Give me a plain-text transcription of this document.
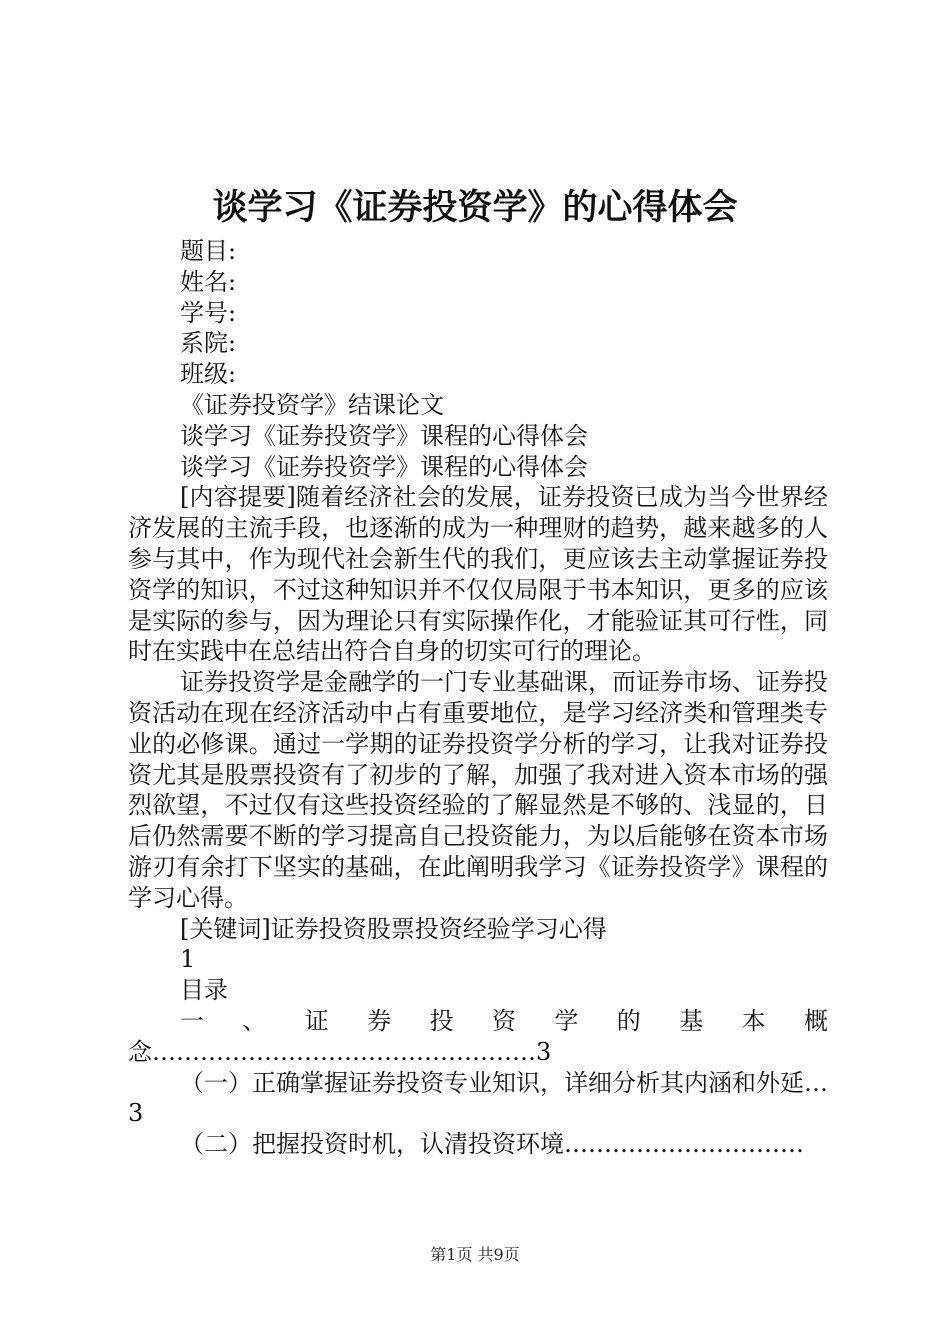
谈学习《证券投资学》的心得体会

题目:

姓名:

学号:

系院:

班级:

《证券投资学》结课论文

谈学习《证券投资学》课程的心得体会

谈学习《证券投资学》课程的心得体会

[内容提要]随着经济社会的发展，证券投资已成为当今世界经济发展的主流手段，也逐渐的成为一种理财的趋势，越来越多的人参与其中，作为现代社会新生代的我们，更应该去主动掌握证券投资学的知识，不过这种知识并不仅仅局限于书本知识，更多的应该是实际的参与，因为理论只有实际操作化，才能验证其可行性，同时在实践中在总结出符合自身的切实可行的理论。

证券投资学是金融学的一门专业基础课，而证券市场、证券投资活动在现在经济活动中占有重要地位，是学习经济类和管理类专业的必修课。通过一学期的证券投资学分析的学习，让我对证券投资尤其是股票投资有了初步的了解，加强了我对进入资本市场的强烈欲望，不过仅有这些投资经验的了解显然是不够的、浅显的，日后仍然需要不断的学习提高自己投资能力，为以后能够在资本市场游刃有余打下坚实的基础，在此阐明我学习《证券投资学》课程的学习心得。

[关键词]证券投资股票投资经验学习心得

1

目录

一、证券投资学的基本概念…………………………………………3

（一）正确掌握证券投资专业知识，详细分析其内涵和外延…3

（二）把握投资时机，认清投资环境…………………………

第1页 共9页
